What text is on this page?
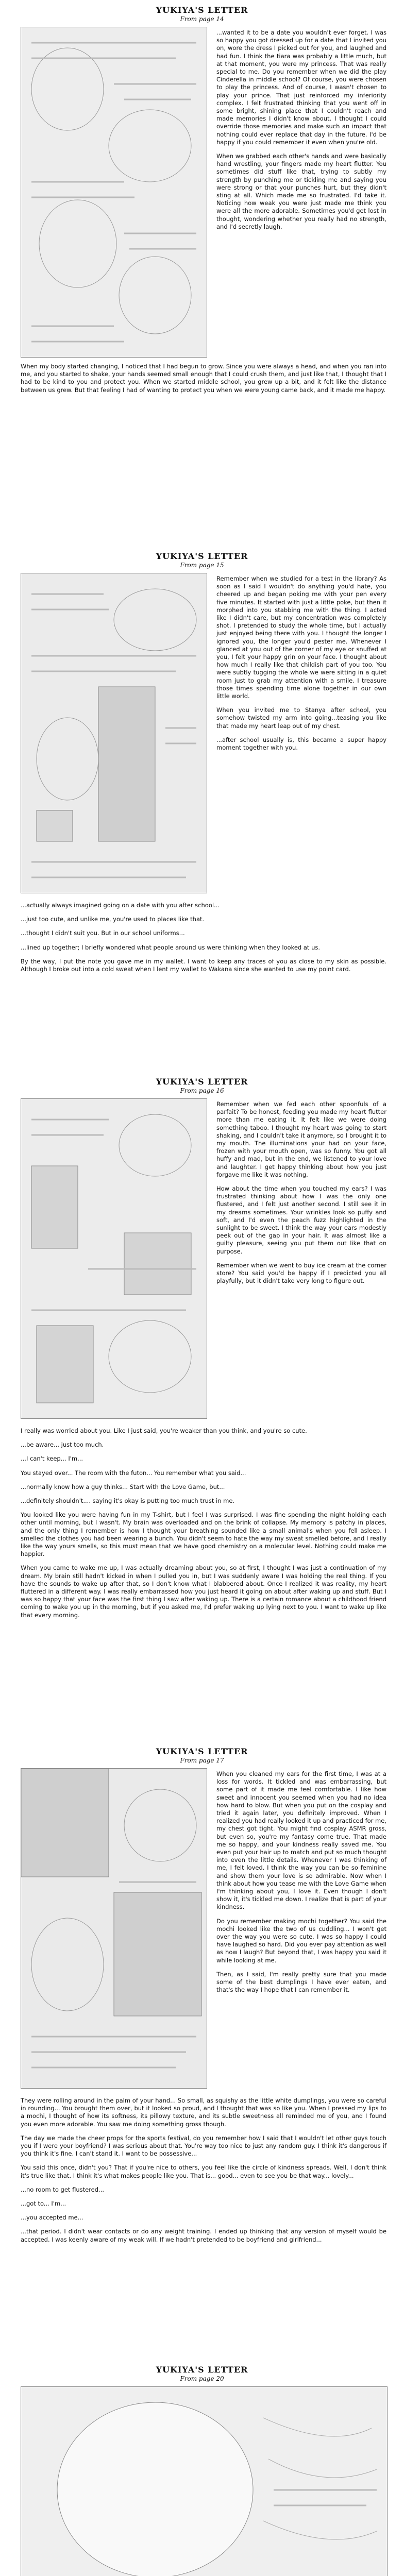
YUKIYA'S LETTER
From page 14

...wanted it to be a date you wouldn't ever forget. I was so happy you got dressed up for a date that I invited you on, wore the dress I picked out for you, and laughed and had fun. I think the tiara was probably a little much, but at that moment, you were my princess. That was really special to me. Do you remember when we did the play Cinderella in middle school? Of course, you were chosen to play the princess. And of course, I wasn't chosen to play your prince. That just reinforced my inferiority complex. I felt frustrated thinking that you went off in some bright, shining place that I couldn't reach and made memories I didn't know about. I thought I could override those memories and make such an impact that nothing could ever replace that day in the future. I'd be happy if you could remember it even when you're old.

When we grabbed each other's hands and were basically hand wrestling, your fingers made my heart flutter. You sometimes did stuff like that, trying to subtly my strength by punching me or tickling me and saying you were strong or that your punches hurt, but they didn't sting at all. Which made me so frustrated. I'd take it. Noticing how weak you were just made me think you were all the more adorable. Sometimes you'd get lost in thought, wondering whether you really had no strength, and I'd secretly laugh.

When my body started changing, I noticed that I had begun to grow. Since you were always a head, and when you ran into me, and you started to shake, your hands seemed small enough that I could crush them, and just like that, I thought that I had to be kind to you and protect you. When we started middle school, you grew up a bit, and it felt like the distance between us grew. But that feeling I had of wanting to protect you when we were young came back, and it made me happy.

YUKIYA'S LETTER
From page 15

Remember when we studied for a test in the library? As soon as I said I wouldn't do anything you'd hate, you cheered up and began poking me with your pen every five minutes. It started with just a little poke, but then it morphed into you stabbing me with the thing. I acted like I didn't care, but my concentration was completely shot. I pretended to study the whole time, but I actually just enjoyed being there with you. I thought the longer I ignored you, the longer you'd pester me. Whenever I glanced at you out of the corner of my eye or snuffed at you, I felt your happy grin on your face. I thought about how much I really like that childish part of you too. You were subtly tugging the whole we were sitting in a quiet room just to grab my attention with a smile. I treasure those times spending time alone together in our own little world.

When you invited me to Stanya after school, you somehow twisted my arm into going...teasing you like that made my heart leap out of my chest.

...after school usually is, this became a super happy moment together with you.

...actually always imagined going on a date with you after school...

...just too cute, and unlike me, you're used to places like that.

...thought I didn't suit you. But in our school uniforms...

...lined up together; I briefly wondered what people around us were thinking when they looked at us.

By the way, I put the note you gave me in my wallet. I want to keep any traces of you as close to my skin as possible. Although I broke out into a cold sweat when I lent my wallet to Wakana since she wanted to use my point card.

YUKIYA'S LETTER
From page 16

Remember when we fed each other spoonfuls of a parfait? To be honest, feeding you made my heart flutter more than me eating it. It felt like we were doing something taboo. I thought my heart was going to start shaking, and I couldn't take it anymore, so I brought it to my mouth. The illuminations your had on your face, frozen with your mouth open, was so funny. You got all huffy and mad, but in the end, we listened to your love and laughter. I get happy thinking about how you just forgave me like it was nothing.

How about the time when you touched my ears? I was frustrated thinking about how I was the only one flustered, and I felt just another second. I still see it in my dreams sometimes. Your wrinkles look so puffy and soft, and I'd even the peach fuzz highlighted in the sunlight to be sweet. I think the way your ears modestly peek out of the gap in your hair. It was almost like a guilty pleasure, seeing you put them out like that on purpose.

Remember when we went to buy ice cream at the corner store? You said you'd be happy if I predicted you all playfully, but it didn't take very long to figure out.

I really was worried about you. Like I just said, you're weaker than you think, and you're so cute.

...be aware... just too much.

...I can't keep... I'm...

You stayed over... The room with the futon... You remember what you said...

...normally know how a guy thinks... Start with the Love Game, but...

...definitely shouldn't.... saying it's okay is putting too much trust in me.

You looked like you were having fun in my T-shirt, but I feel I was surprised. I was fine spending the night holding each other until morning, but I wasn't. My brain was overloaded and on the brink of collapse. My memory is patchy in places, and the only thing I remember is how I thought your breathing sounded like a small animal's when you fell asleep. I smelled the clothes you had been wearing a bunch. You didn't seem to hate the way my sweat smelled before, and I really like the way yours smells, so this must mean that we have good chemistry on a molecular level. Nothing could make me happier.

When you came to wake me up, I was actually dreaming about you, so at first, I thought I was just a continuation of my dream. My brain still hadn't kicked in when I pulled you in, but I was suddenly aware I was holding the real thing. If you have the sounds to wake up after that, so I don't know what I blabbered about. Once I realized it was reality, my heart fluttered in a different way. I was really embarrassed how you just heard it going on about after waking up and stuff. But I was so happy that your face was the first thing I saw after waking up. There is a certain romance about a childhood friend coming to wake you up in the morning, but if you asked me, I'd prefer waking up lying next to you. I want to wake up like that every morning.

YUKIYA'S LETTER
From page 17

When you cleaned my ears for the first time, I was at a loss for words. It tickled and was embarrassing, but some part of it made me feel comfortable. I like how sweet and innocent you seemed when you had no idea how hard to blow. But when you put on the cosplay and tried it again later, you definitely improved. When I realized you had really looked it up and practiced for me, my chest got tight. You might find cosplay ASMR gross, but even so, you're my fantasy come true. That made me so happy, and your kindness really saved me. You even put your hair up to match and put so much thought into even the little details. Whenever I was thinking of me, I felt loved. I think the way you can be so feminine and show them your love is so admirable. Now when I think about how you tease me with the Love Game when I'm thinking about you, I love it. Even though I don't show it, it's tickled me down. I realize that is part of your kindness.

Do you remember making mochi together? You said the mochi looked like the two of us cuddling... I won't get over the way you were so cute. I was so happy I could have laughed so hard. Did you ever pay attention as well as how I laugh? But beyond that, I was happy you said it while looking at me.

Then, as I said, I'm really pretty sure that you made some of the best dumplings I have ever eaten, and that's the way I hope that I can remember it.

They were rolling around in the palm of your hand... So small, as squishy as the little white dumplings, you were so careful in rounding... You brought them over, but it looked so proud, and I thought that was so like you. When I pressed my lips to a mochi, I thought of how its softness, its pillowy texture, and its subtle sweetness all reminded me of you, and I found you even more adorable. You saw me doing something gross though.

The day we made the cheer props for the sports festival, do you remember how I said that I wouldn't let other guys touch you if I were your boyfriend? I was serious about that. You're way too nice to just any random guy. I think it's dangerous if you think it's fine. I can't stand it. I want to be possessive...

You said this once, didn't you? That if you're nice to others, you feel like the circle of kindness spreads. Well, I don't think it's true like that. I think it's what makes people like you. That is... good... even to see you be that way... lovely...

...no room to get flustered...

...got to... I'm...

...you accepted me...

...that period. I didn't wear contacts or do any weight training. I ended up thinking that any version of myself would be accepted. I was keenly aware of my weak will. If we hadn't pretended to be boyfriend and girlfriend...

YUKIYA'S LETTER
From page 20
